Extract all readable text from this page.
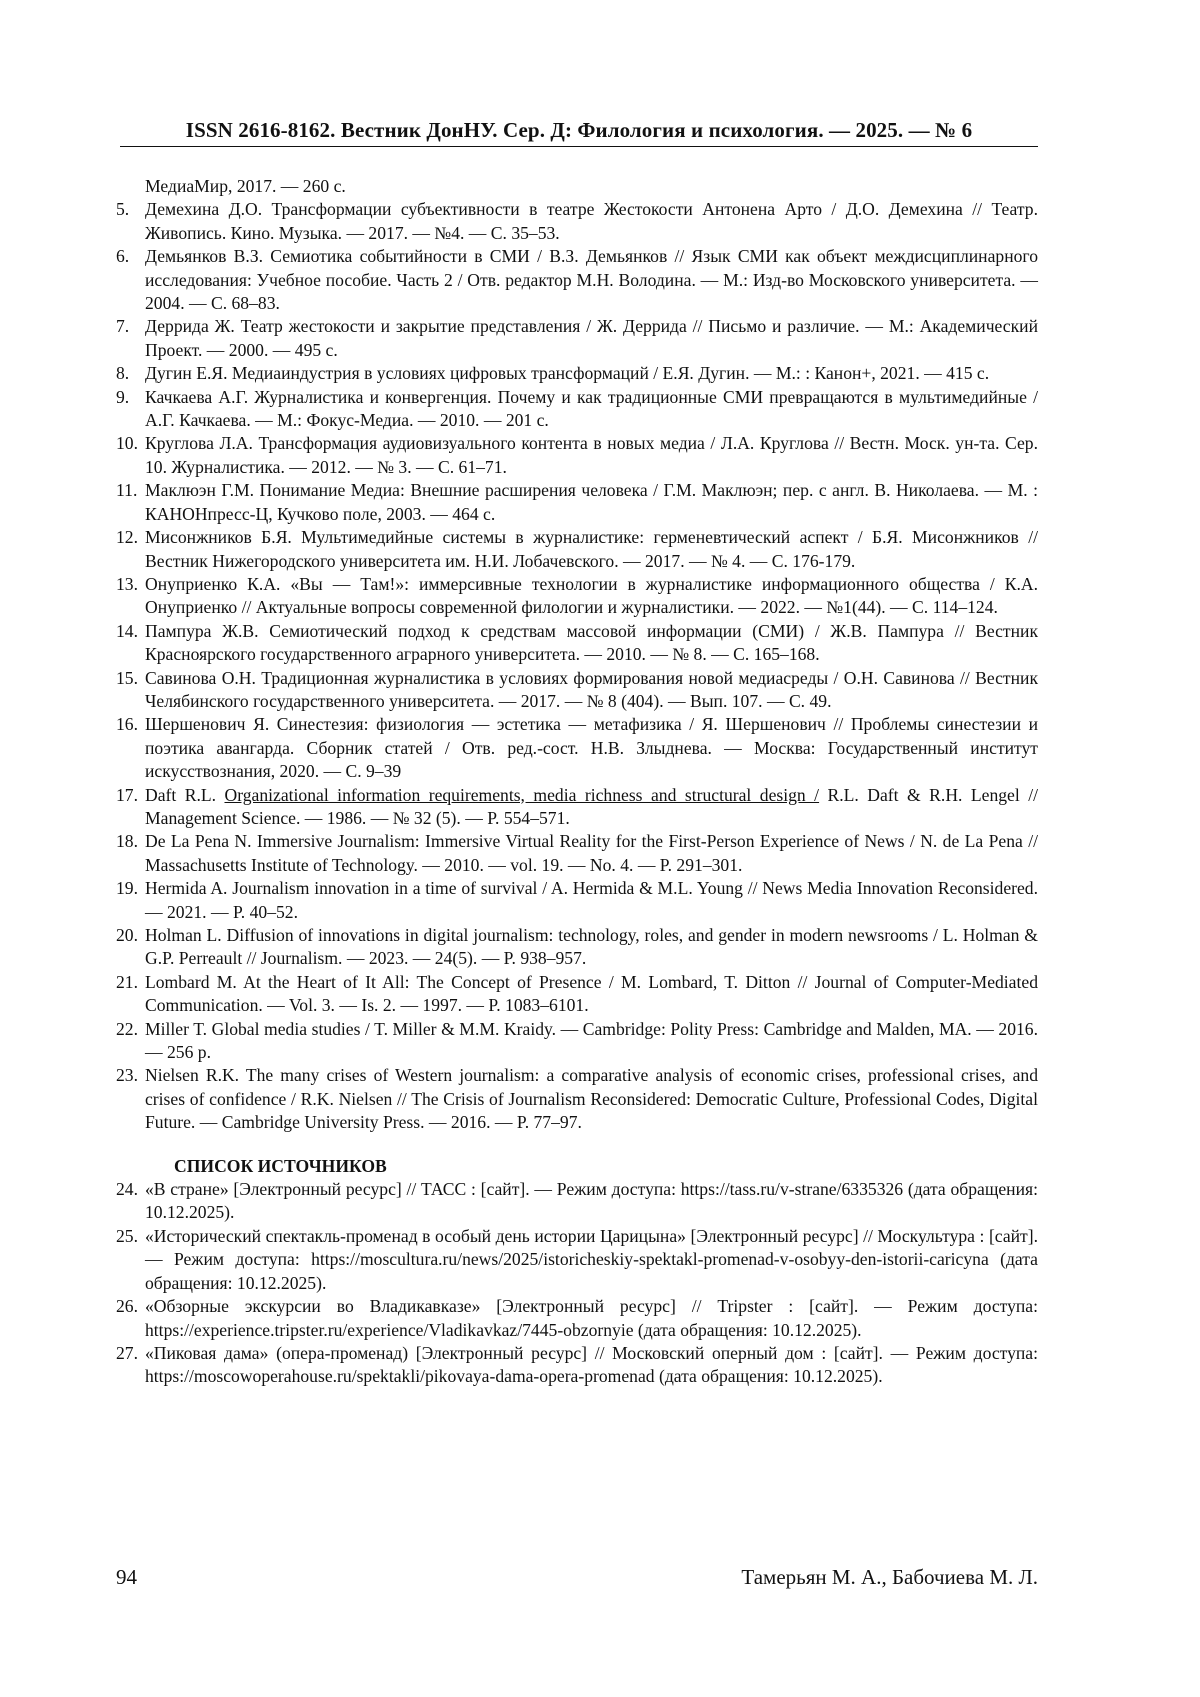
ISSN 2616-8162. Вестник ДонНУ. Сер. Д: Филология и психология. — 2025. — № 6
МедиаМир, 2017. — 260 с.
5. Демехина Д.О. Трансформации субъективности в театре Жестокости Антонена Арто / Д.О. Демехина // Театр. Живопись. Кино. Музыка. — 2017. — №4. — С. 35–53.
6. Демьянков В.З. Семиотика событийности в СМИ / В.З. Демьянков // Язык СМИ как объект междисциплинарного исследования: Учебное пособие. Часть 2 / Отв. редактор М.Н. Володина. — М.: Изд-во Московского университета. — 2004. — С. 68–83.
7. Деррида Ж. Театр жестокости и закрытие представления / Ж. Деррида // Письмо и различие. — М.: Академический Проект. — 2000. — 495 с.
8. Дугин Е.Я. Медиаиндустрия в условиях цифровых трансформаций / Е.Я. Дугин. — М.: : Канон+, 2021. — 415 с.
9. Качкаева А.Г. Журналистика и конвергенция. Почему и как традиционные СМИ превращаются в мультимедийные / А.Г. Качкаева. — М.: Фокус-Медиа. — 2010. — 201 с.
10. Круглова Л.А. Трансформация аудиовизуального контента в новых медиа / Л.А. Круглова // Вестн. Моск. ун-та. Сер. 10. Журналистика. — 2012. — № 3. — С. 61–71.
11. Маклюэн Г.М. Понимание Медиа: Внешние расширения человека / Г.М. Маклюэн; пер. с англ. В. Николаева. — М. : КАНОНпресс-Ц, Кучково поле, 2003. — 464 с.
12. Мисонжников Б.Я. Мультимедийные системы в журналистике: герменевтический аспект / Б.Я. Мисонжников // Вестник Нижегородского университета им. Н.И. Лобачевского. — 2017. — № 4. — С. 176-179.
13. Онуприенко К.А. «Вы — Там!»: иммерсивные технологии в журналистике информационного общества / К.А. Онуприенко // Актуальные вопросы современной филологии и журналистики. — 2022. — №1(44). — С. 114–124.
14. Пампура Ж.В. Семиотический подход к средствам массовой информации (СМИ) / Ж.В. Пампура // Вестник Красноярского государственного аграрного университета. — 2010. — № 8. — С. 165–168.
15. Савинова О.Н. Традиционная журналистика в условиях формирования новой медиасреды / О.Н. Савинова // Вестник Челябинского государственного университета. — 2017. — № 8 (404). — Вып. 107. — С. 49.
16. Шершенович Я. Синестезия: физиология — эстетика — метафизика / Я. Шершенович // Проблемы синестезии и поэтика авангарда. Сборник статей / Отв. ред.-сост. Н.В. Злыднева. — Москва: Государственный институт искусствознания, 2020. — С. 9–39
17. Daft R.L. Organizational information requirements, media richness and structural design / R.L. Daft & R.H. Lengel // Management Science. — 1986. — № 32 (5). — P. 554–571.
18. De La Pena N. Immersive Journalism: Immersive Virtual Reality for the First-Person Experience of News / N. de La Pena // Massachusetts Institute of Technology. — 2010. — vol. 19. — No. 4. — P. 291–301.
19. Hermida A. Journalism innovation in a time of survival / A. Hermida & M.L. Young // News Media Innovation Reconsidered. — 2021. — P. 40–52.
20. Holman L. Diffusion of innovations in digital journalism: technology, roles, and gender in modern newsrooms / L. Holman & G.P. Perreault // Journalism. — 2023. — 24(5). — P. 938–957.
21. Lombard M. At the Heart of It All: The Concept of Presence / M. Lombard, T. Ditton // Journal of Computer-Mediated Communication. — Vol. 3. — Is. 2. — 1997. — P. 1083–6101.
22. Miller T. Global media studies / T. Miller & M.M. Kraidy. — Cambridge: Polity Press: Cambridge and Malden, MA. — 2016. — 256 p.
23. Nielsen R.K. The many crises of Western journalism: a comparative analysis of economic crises, professional crises, and crises of confidence / R.K. Nielsen // The Crisis of Journalism Reconsidered: Democratic Culture, Professional Codes, Digital Future. — Cambridge University Press. — 2016. — P. 77–97.
СПИСОК ИСТОЧНИКОВ
24. «В стране» [Электронный ресурс] // ТАСС : [сайт]. — Режим доступа: https://tass.ru/v-strane/6335326 (дата обращения: 10.12.2025).
25. «Исторический спектакль-променад в особый день истории Царицына» [Электронный ресурс] // Москультура : [сайт]. — Режим доступа: https://moscultura.ru/news/2025/istoricheskiy-spektakl-promenad-v-osobyy-den-istorii-caricyna (дата обращения: 10.12.2025).
26. «Обзорные экскурсии во Владикавказе» [Электронный ресурс] // Tripster : [сайт]. — Режим доступа: https://experience.tripster.ru/experience/Vladikavkaz/7445-obzornyie (дата обращения: 10.12.2025).
27. «Пиковая дама» (опера-променад) [Электронный ресурс] // Московский оперный дом : [сайт]. — Режим доступа: https://moscowoperahouse.ru/spektakli/pikovaya-dama-opera-promenad (дата обращения: 10.12.2025).
94	Тамерьян М. А., Бабочиева М. Л.
